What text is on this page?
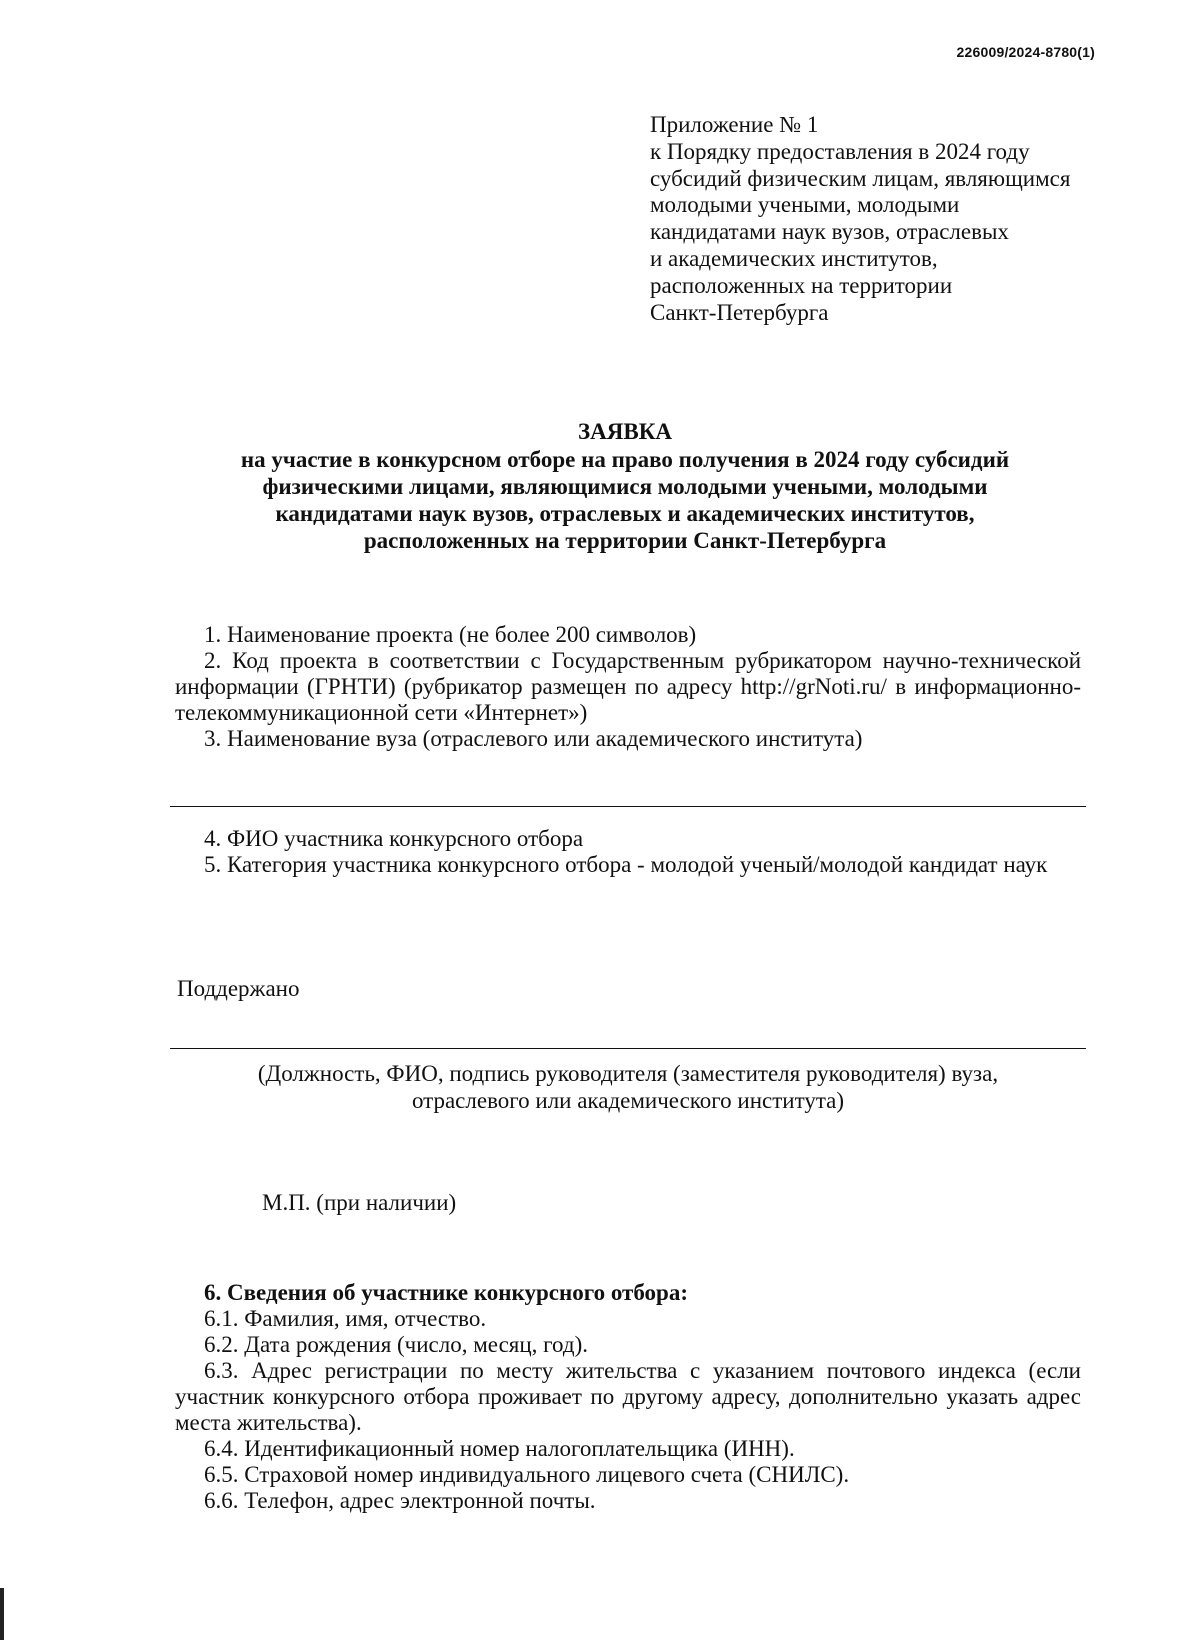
226009/2024-8780(1)
Приложение № 1
к Порядку предоставления в 2024 году
субсидий физическим лицам, являющимся
молодыми учеными, молодыми
кандидатами наук вузов, отраслевых
и академических институтов,
расположенных на территории
Санкт-Петербурга
ЗАЯВКА
на участие в конкурсном отборе на право получения в 2024 году субсидий
физическими лицами, являющимися молодыми учеными, молодыми
кандидатами наук вузов, отраслевых и академических институтов,
расположенных на территории Санкт-Петербурга
1. Наименование проекта (не более 200 символов)
2. Код проекта в соответствии с Государственным рубрикатором научно-технической информации (ГРНТИ) (рубрикатор размещен по адресу http://grNoti.ru/ в информационно-телекоммуникационной сети «Интернет»)
3. Наименование вуза (отраслевого или академического института)
4. ФИО участника конкурсного отбора
5. Категория участника конкурсного отбора - молодой ученый/молодой кандидат наук
Поддержано
(Должность, ФИО, подпись руководителя (заместителя руководителя) вуза,
отраслевого или академического института)
М.П. (при наличии)
6. Сведения об участнике конкурсного отбора:
6.1. Фамилия, имя, отчество.
6.2. Дата рождения (число, месяц, год).
6.3. Адрес регистрации по месту жительства с указанием почтового индекса (если участник конкурсного отбора проживает по другому адресу, дополнительно указать адрес места жительства).
6.4. Идентификационный номер налогоплательщика (ИНН).
6.5. Страховой номер индивидуального лицевого счета (СНИЛС).
6.6. Телефон, адрес электронной почты.
